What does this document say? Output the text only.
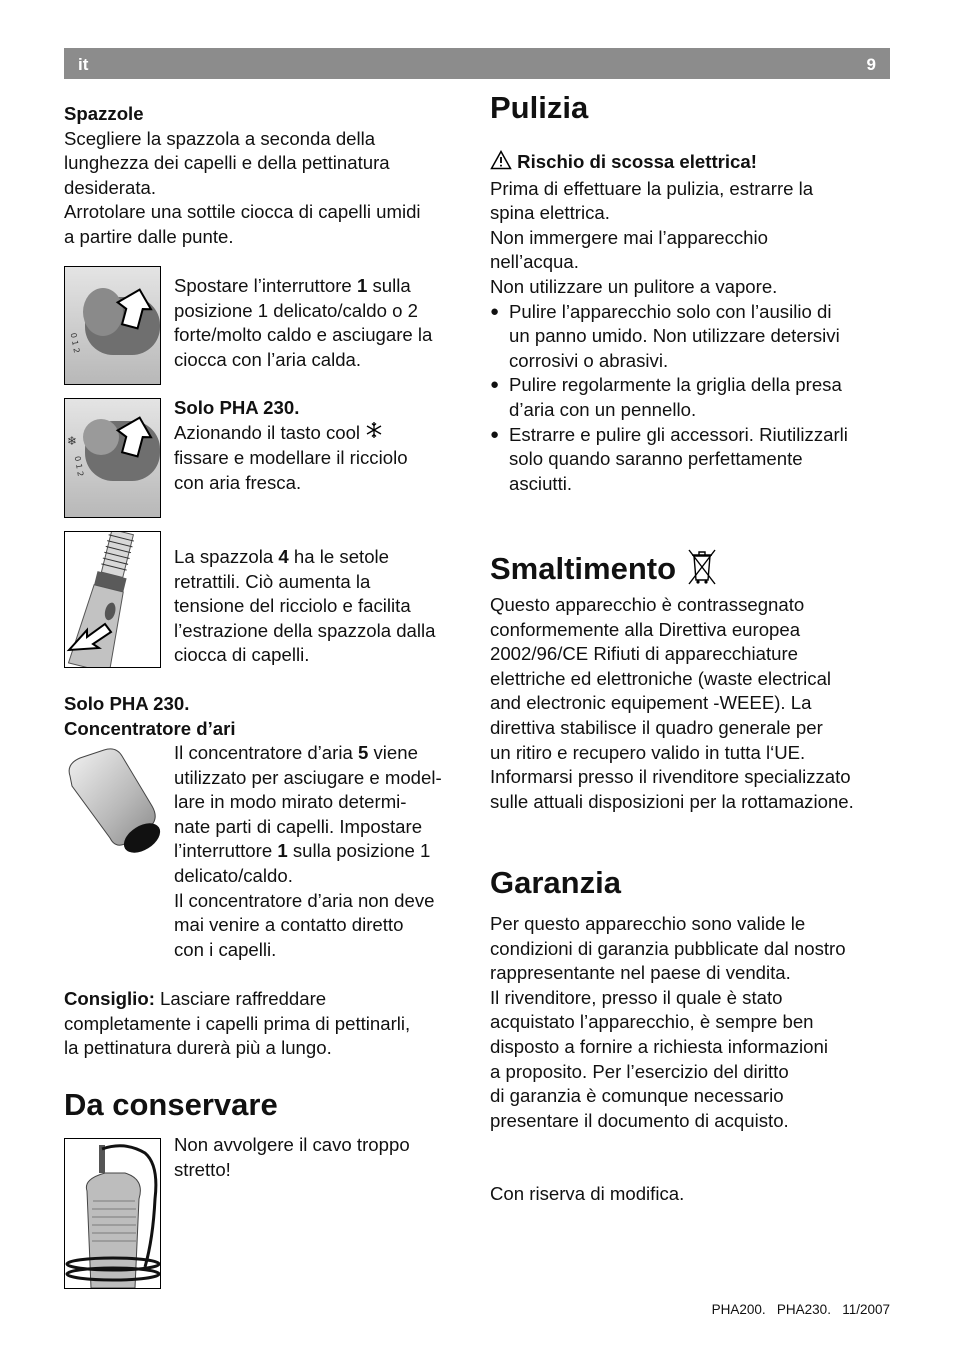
it	9
Spazzole
Scegliere la spazzola a seconda della
lunghezza dei capelli e della pettinatura
desiderata.
Arrotolare una sottile ciocca di capelli umidi
a partire dalle punte.
0 1 2
Spostare l’interruttore 1 sulla
posizione 1 delicato/caldo o 2
forte/molto caldo e asciugare la
ciocca con l’aria calda.
❄
0 1 2
Solo PHA 230.
Azionando il tasto cool
fissare e modellare il ricciolo
con aria fresca.
La spazzola 4 ha le setole
retrattili. Ciò aumenta la
tensione del ricciolo e facilita
l’estrazione della spazzola dalla
ciocca di capelli.
Solo PHA 230.
Concentratore d’ari
Il concentratore d’aria 5 viene
utilizzato per asciugare e model-
lare in modo mirato determi-
nate parti di capelli. Impostare
l’interruttore 1 sulla posizione 1
delicato/caldo.
Il concentratore d’aria non deve
mai venire a contatto diretto
con i capelli.
Consiglio: Lasciare raffreddare
completamente i capelli prima di pettinarli,
la pettinatura durerà più a lungo.
Da conservare
Non avvolgere il cavo troppo
stretto!
Pulizia
Rischio di scossa elettrica!
Prima di effettuare la pulizia, estrarre la
spina elettrica.
Non immergere mai l’apparecchio
nell’acqua.
Non utilizzare un pulitore a vapore.
● Pulire l’apparecchio solo con l’ausilio di
un panno umido. Non utilizzare detersivi
corrosivi o abrasivi.
● Pulire regolarmente la griglia della presa
d’aria con un pennello.
● Estrarre e pulire gli accessori. Riutilizzarli
solo quando saranno perfettamente
asciutti.
Smaltimento
Questo apparecchio è contrassegnato
conformemente alla Direttiva europea
2002/96/CE Rifiuti di apparecchiature
elettriche ed elettroniche (waste electrical
and electronic equipement -WEEE). La
direttiva stabilisce il quadro generale per
un ritiro e recupero valido in tutta l‘UE.
Informarsi presso il rivenditore specializzato
sulle attuali disposizioni per la rottamazione.
Garanzia
Per questo apparecchio sono valide le
condizioni di garanzia pubblicate dal nostro
rappresentante nel paese di vendita.
Il rivenditore, presso il quale è stato
acquistato l’apparecchio, è sempre ben
disposto a fornire a richiesta informazioni
a proposito. Per l’esercizio del diritto
di garanzia è comunque necessario
presentare il documento di acquisto.
Con riserva di modifica.
PHA200.   PHA230.   11/2007
